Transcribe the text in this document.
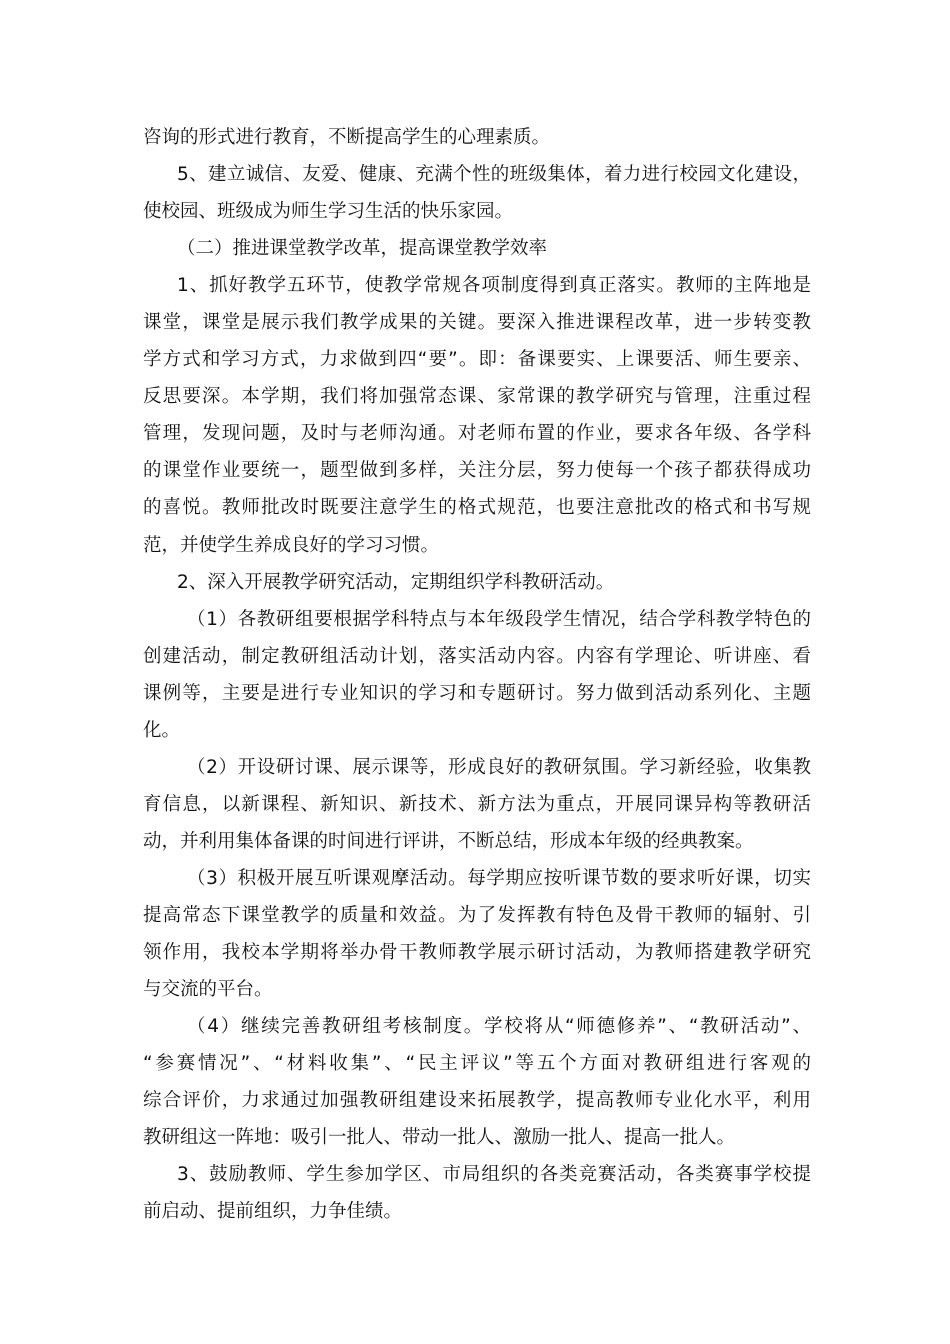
咨询的形式进行教育，不断提高学生的心理素质。
5、建立诚信、友爱、健康、充满个性的班级集体，着力进行校园文化建设，
使校园、班级成为师生学习生活的快乐家园。
（二）推进课堂教学改革，提高课堂教学效率
1、抓好教学五环节，使教学常规各项制度得到真正落实。教师的主阵地是
课堂，课堂是展示我们教学成果的关键。要深入推进课程改革，进一步转变教
学方式和学习方式，力求做到四“要”。即：备课要实、上课要活、师生要亲、
反思要深。本学期，我们将加强常态课、家常课的教学研究与管理，注重过程
管理，发现问题，及时与老师沟通。对老师布置的作业，要求各年级、各学科
的课堂作业要统一，题型做到多样，关注分层，努力使每一个孩子都获得成功
的喜悦。教师批改时既要注意学生的格式规范，也要注意批改的格式和书写规
范，并使学生养成良好的学习习惯。
2、深入开展教学研究活动，定期组织学科教研活动。
（1）各教研组要根据学科特点与本年级段学生情况，结合学科教学特色的
创建活动，制定教研组活动计划，落实活动内容。内容有学理论、听讲座、看
课例等，主要是进行专业知识的学习和专题研讨。努力做到活动系列化、主题
化。
（2）开设研讨课、展示课等，形成良好的教研氛围。学习新经验，收集教
育信息，以新课程、新知识、新技术、新方法为重点，开展同课异构等教研活
动，并利用集体备课的时间进行评讲，不断总结，形成本年级的经典教案。
（3）积极开展互听课观摩活动。每学期应按听课节数的要求听好课，切实
提高常态下课堂教学的质量和效益。为了发挥教有特色及骨干教师的辐射、引
领作用，我校本学期将举办骨干教师教学展示研讨活动，为教师搭建教学研究
与交流的平台。
（4）继续完善教研组考核制度。学校将从“师德修养”、“教研活动”、
“参赛情况”、“材料收集”、“民主评议”等五个方面对教研组进行客观的
综合评价，力求通过加强教研组建设来拓展教学，提高教师专业化水平，利用
教研组这一阵地：吸引一批人、带动一批人、激励一批人、提高一批人。
3、鼓励教师、学生参加学区、市局组织的各类竞赛活动，各类赛事学校提
前启动、提前组织，力争佳绩。
